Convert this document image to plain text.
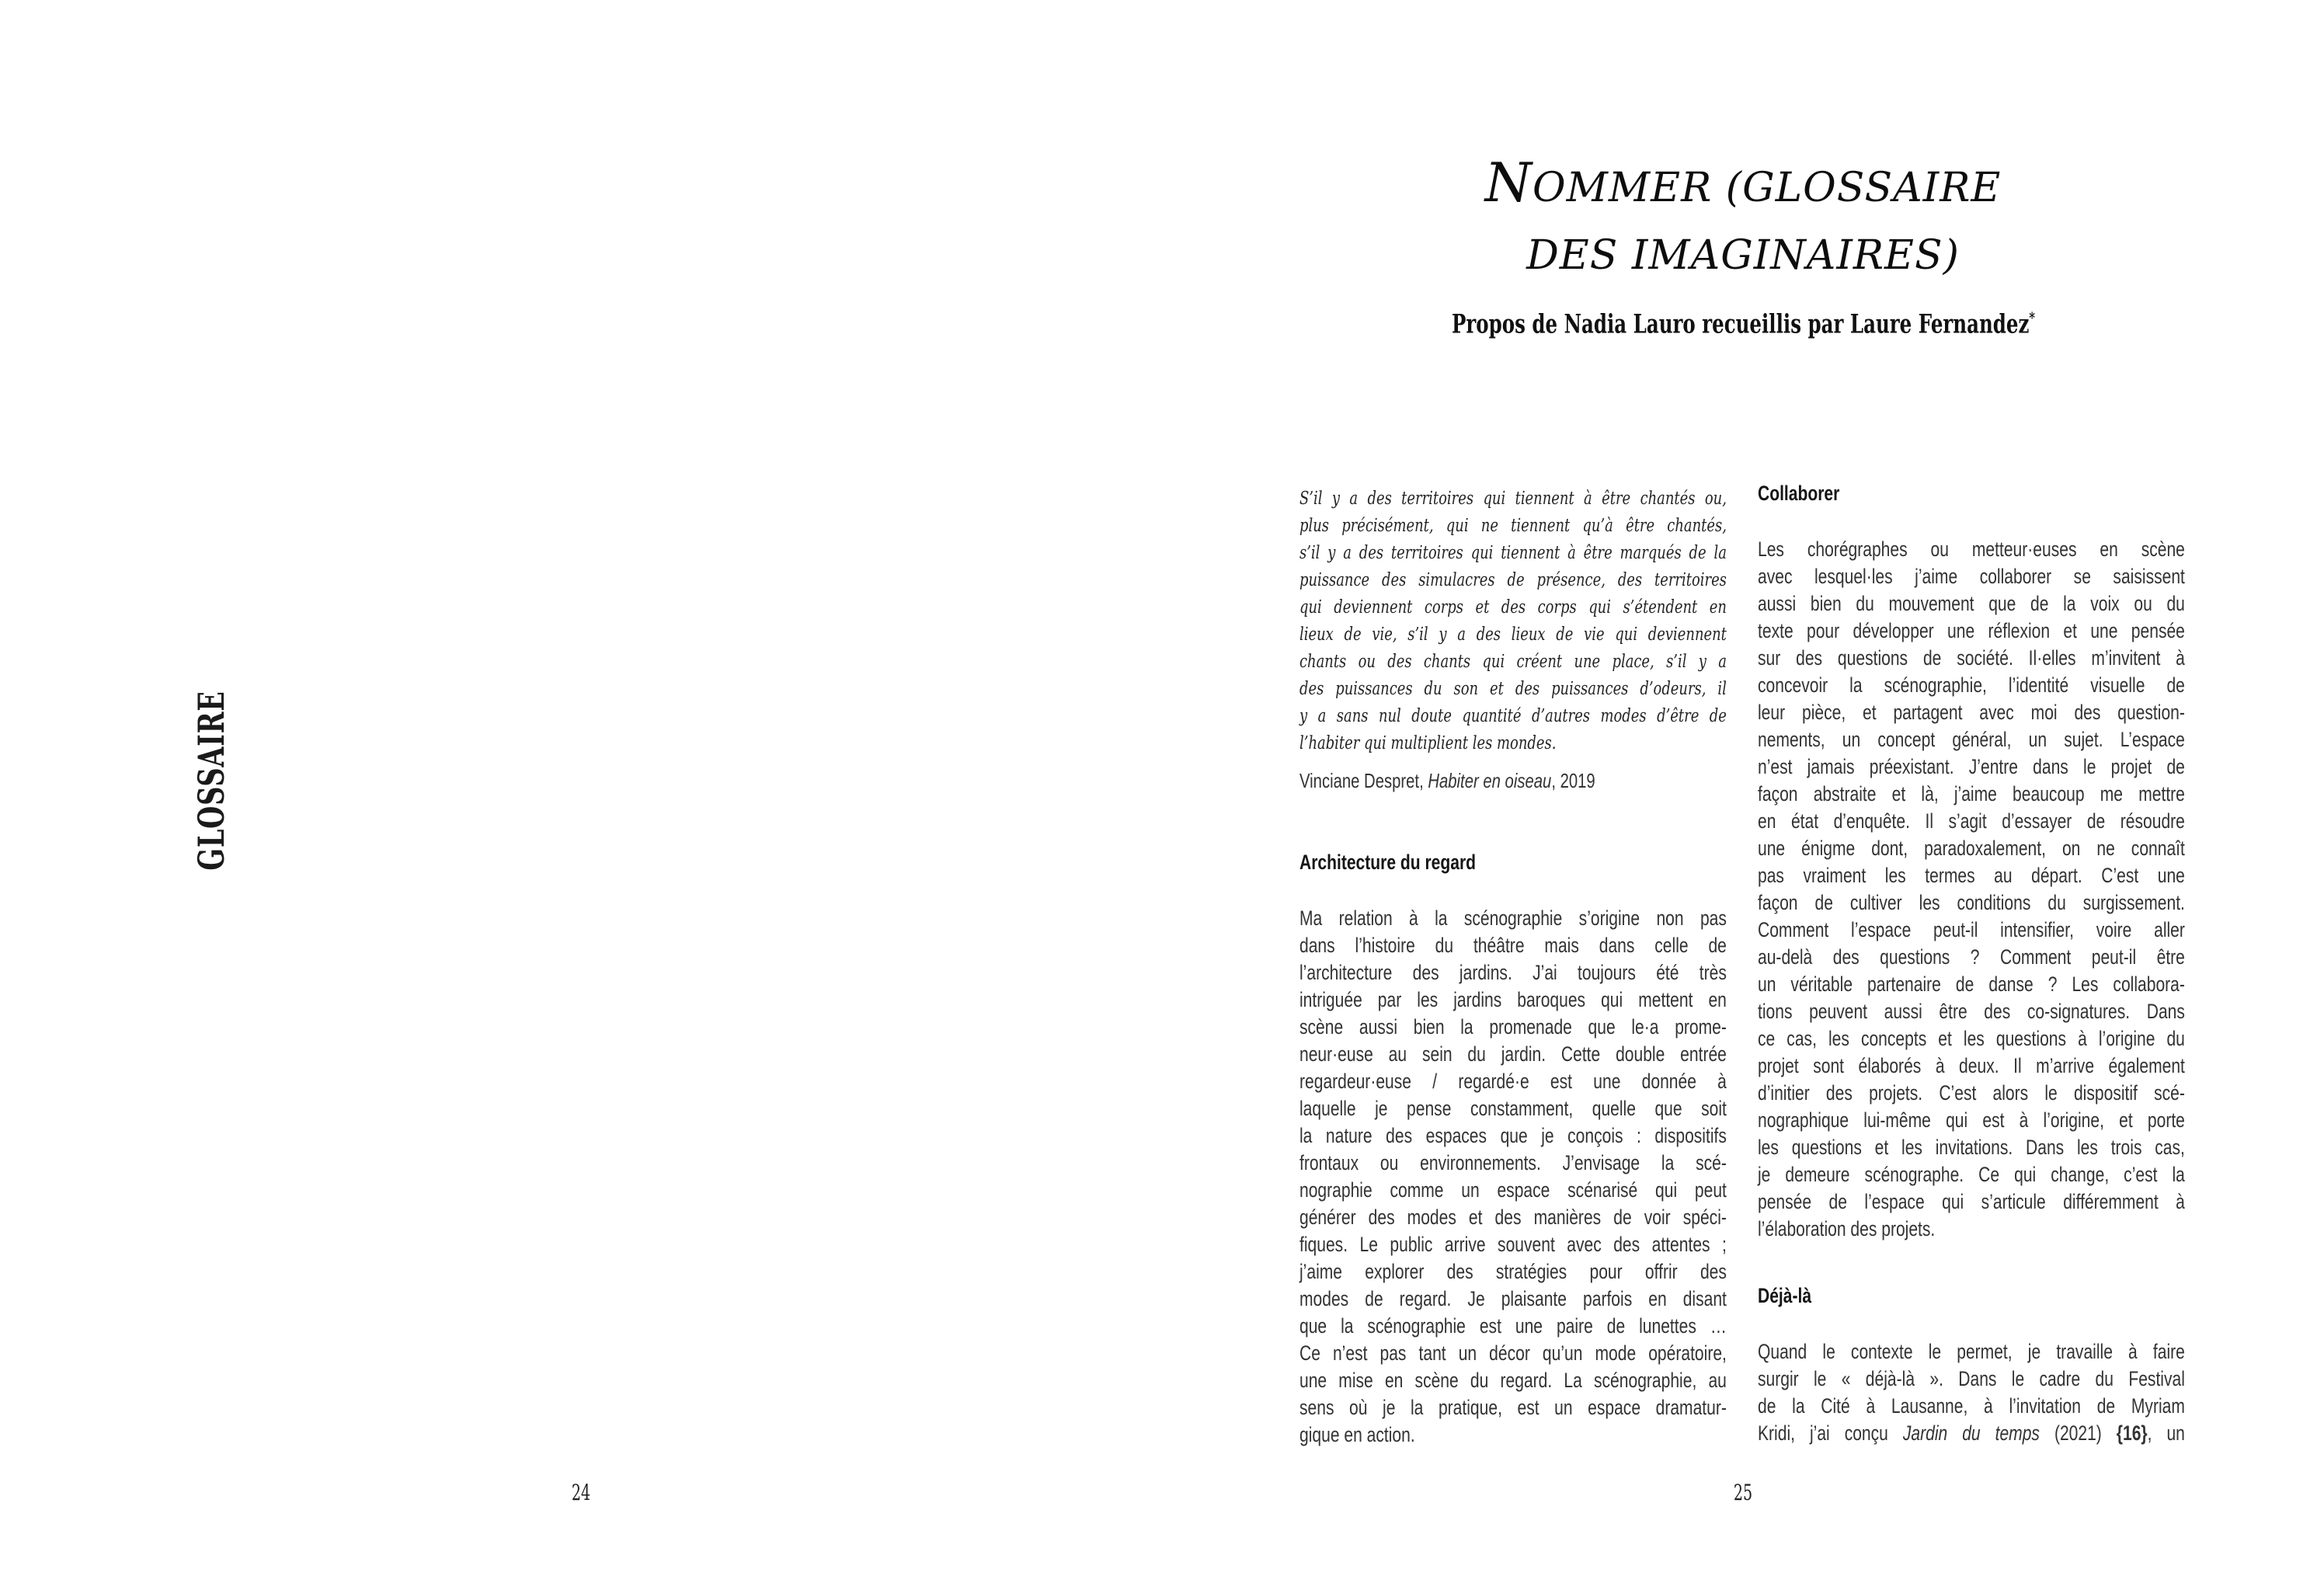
GLOSSAIRE
24
NOMMER (GLOSSAIRE
DES IMAGINAIRES)
Propos de Nadia Lauro recueillis par Laure Fernandez*
S’il y a des territoires qui tiennent à être chantés ou,
plus précisément, qui ne tiennent qu’à être chantés,
s’il y a des territoires qui tiennent à être marqués de la
puissance des simulacres de présence, des territoires
qui deviennent corps et des corps qui s’étendent en
lieux de vie, s’il y a des lieux de vie qui deviennent
chants ou des chants qui créent une place, s’il y a
des puissances du son et des puissances d’odeurs, il
y a sans nul doute quantité d’autres modes d’être de
l’habiter qui multiplient les mondes.
Vinciane Despret, Habiter en oiseau, 2019
Architecture du regard
Ma relation à la scénographie s’origine non pas
dans l’histoire du théâtre mais dans celle de
l’architecture des jardins. J’ai toujours été très
intriguée par les jardins baroques qui mettent en
scène aussi bien la promenade que le·a prome-
neur·euse au sein du jardin. Cette double entrée
regardeur·euse / regardé·e est une donnée à
laquelle je pense constamment, quelle que soit
la nature des espaces que je conçois : dispositifs
frontaux ou environnements. J’envisage la scé-
nographie comme un espace scénarisé qui peut
générer des modes et des manières de voir spéci-
fiques. Le public arrive souvent avec des attentes ;
j’aime explorer des stratégies pour offrir des
modes de regard. Je plaisante parfois en disant
que la scénographie est une paire de lunettes …
Ce n’est pas tant un décor qu’un mode opératoire,
une mise en scène du regard. La scénographie, au
sens où je la pratique, est un espace dramatur-
gique en action.
Collaborer
Les chorégraphes ou metteur·euses en scène
avec lesquel·les j’aime collaborer se saisissent
aussi bien du mouvement que de la voix ou du
texte pour développer une réflexion et une pensée
sur des questions de société. Il·elles m’invitent à
concevoir la scénographie, l’identité visuelle de
leur pièce, et partagent avec moi des question-
nements, un concept général, un sujet. L’espace
n’est jamais préexistant. J’entre dans le projet de
façon abstraite et là, j’aime beaucoup me mettre
en état d’enquête. Il s’agit d’essayer de résoudre
une énigme dont, paradoxalement, on ne connaît
pas vraiment les termes au départ. C’est une
façon de cultiver les conditions du surgissement.
Comment l’espace peut-il intensifier, voire aller
au-delà des questions ? Comment peut-il être
un véritable partenaire de danse ? Les collabora-
tions peuvent aussi être des co-signatures. Dans
ce cas, les concepts et les questions à l’origine du
projet sont élaborés à deux. Il m’arrive également
d’initier des projets. C’est alors le dispositif scé-
nographique lui-même qui est à l’origine, et porte
les questions et les invitations. Dans les trois cas,
je demeure scénographe. Ce qui change, c’est la
pensée de l’espace qui s’articule différemment à
l’élaboration des projets.
Déjà-là
Quand le contexte le permet, je travaille à faire
surgir le « déjà-là ». Dans le cadre du Festival
de la Cité à Lausanne, à l’invitation de Myriam
Kridi, j’ai conçu Jardin du temps (2021) {16}, un
25
